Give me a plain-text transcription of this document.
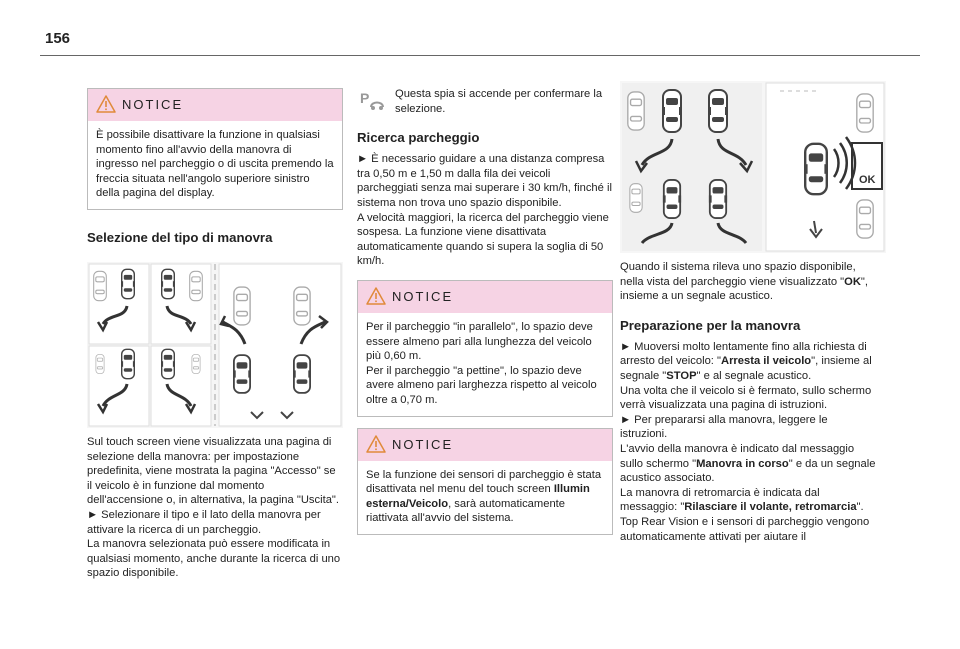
156
NOTICE

È possibile disattivare la funzione in qualsiasi momento fino all'avvio della manovra di ingresso nel parcheggio o di uscita premendo la freccia situata nell'angolo superiore sinistro della pagina del display.

Selezione del tipo di manovra

Sul touch screen viene visualizzata una pagina di selezione della manovra: per impostazione predefinita, viene mostrata la pagina "Accesso" se il veicolo è in funzione dal momento dell'accensione o, in alternativa, la pagina "Uscita".

► Selezionare il tipo e il lato della manovra per attivare la ricerca di un parcheggio.

La manovra selezionata può essere modificata in qualsiasi momento, anche durante la ricerca di uno spazio disponibile.

P Questa spia si accende per confermare la selezione.

Ricerca parcheggio

► È necessario guidare a una distanza compresa tra 0,50 m e 1,50 m dalla fila dei veicoli parcheggiati senza mai superare i 30 km/h, finché il sistema non trova uno spazio disponibile.

A velocità maggiori, la ricerca del parcheggio viene sospesa. La funzione viene disattivata automaticamente quando si supera la soglia di 50 km/h.

NOTICE

Per il parcheggio "in parallelo", lo spazio deve essere almeno pari alla lunghezza del veicolo più 0,60 m.

Per il parcheggio "a pettine", lo spazio deve avere almeno pari larghezza rispetto al veicolo oltre a 0,70 m.

NOTICE

Se la funzione dei sensori di parcheggio è stata disattivata nel menu del touch screen Illumin esterna/Veicolo, sarà automaticamente riattivata all'avvio del sistema.

OK

Quando il sistema rileva uno spazio disponibile, nella vista del parcheggio viene visualizzato "OK", insieme a un segnale acustico.

Preparazione per la manovra

► Muoversi molto lentamente fino alla richiesta di arresto del veicolo: "Arresta il veicolo", insieme al segnale "STOP" e al segnale acustico.

Una volta che il veicolo si è fermato, sullo schermo verrà visualizzata una pagina di istruzioni.

► Per prepararsi alla manovra, leggere le istruzioni.

L'avvio della manovra è indicato dal messaggio sullo schermo "Manovra in corso" e da un segnale acustico associato.

La manovra di retromarcia è indicata dal messaggio: "Rilasciare il volante, retromarcia".

Top Rear Vision e i sensori di parcheggio vengono automaticamente attivati per aiutare il
